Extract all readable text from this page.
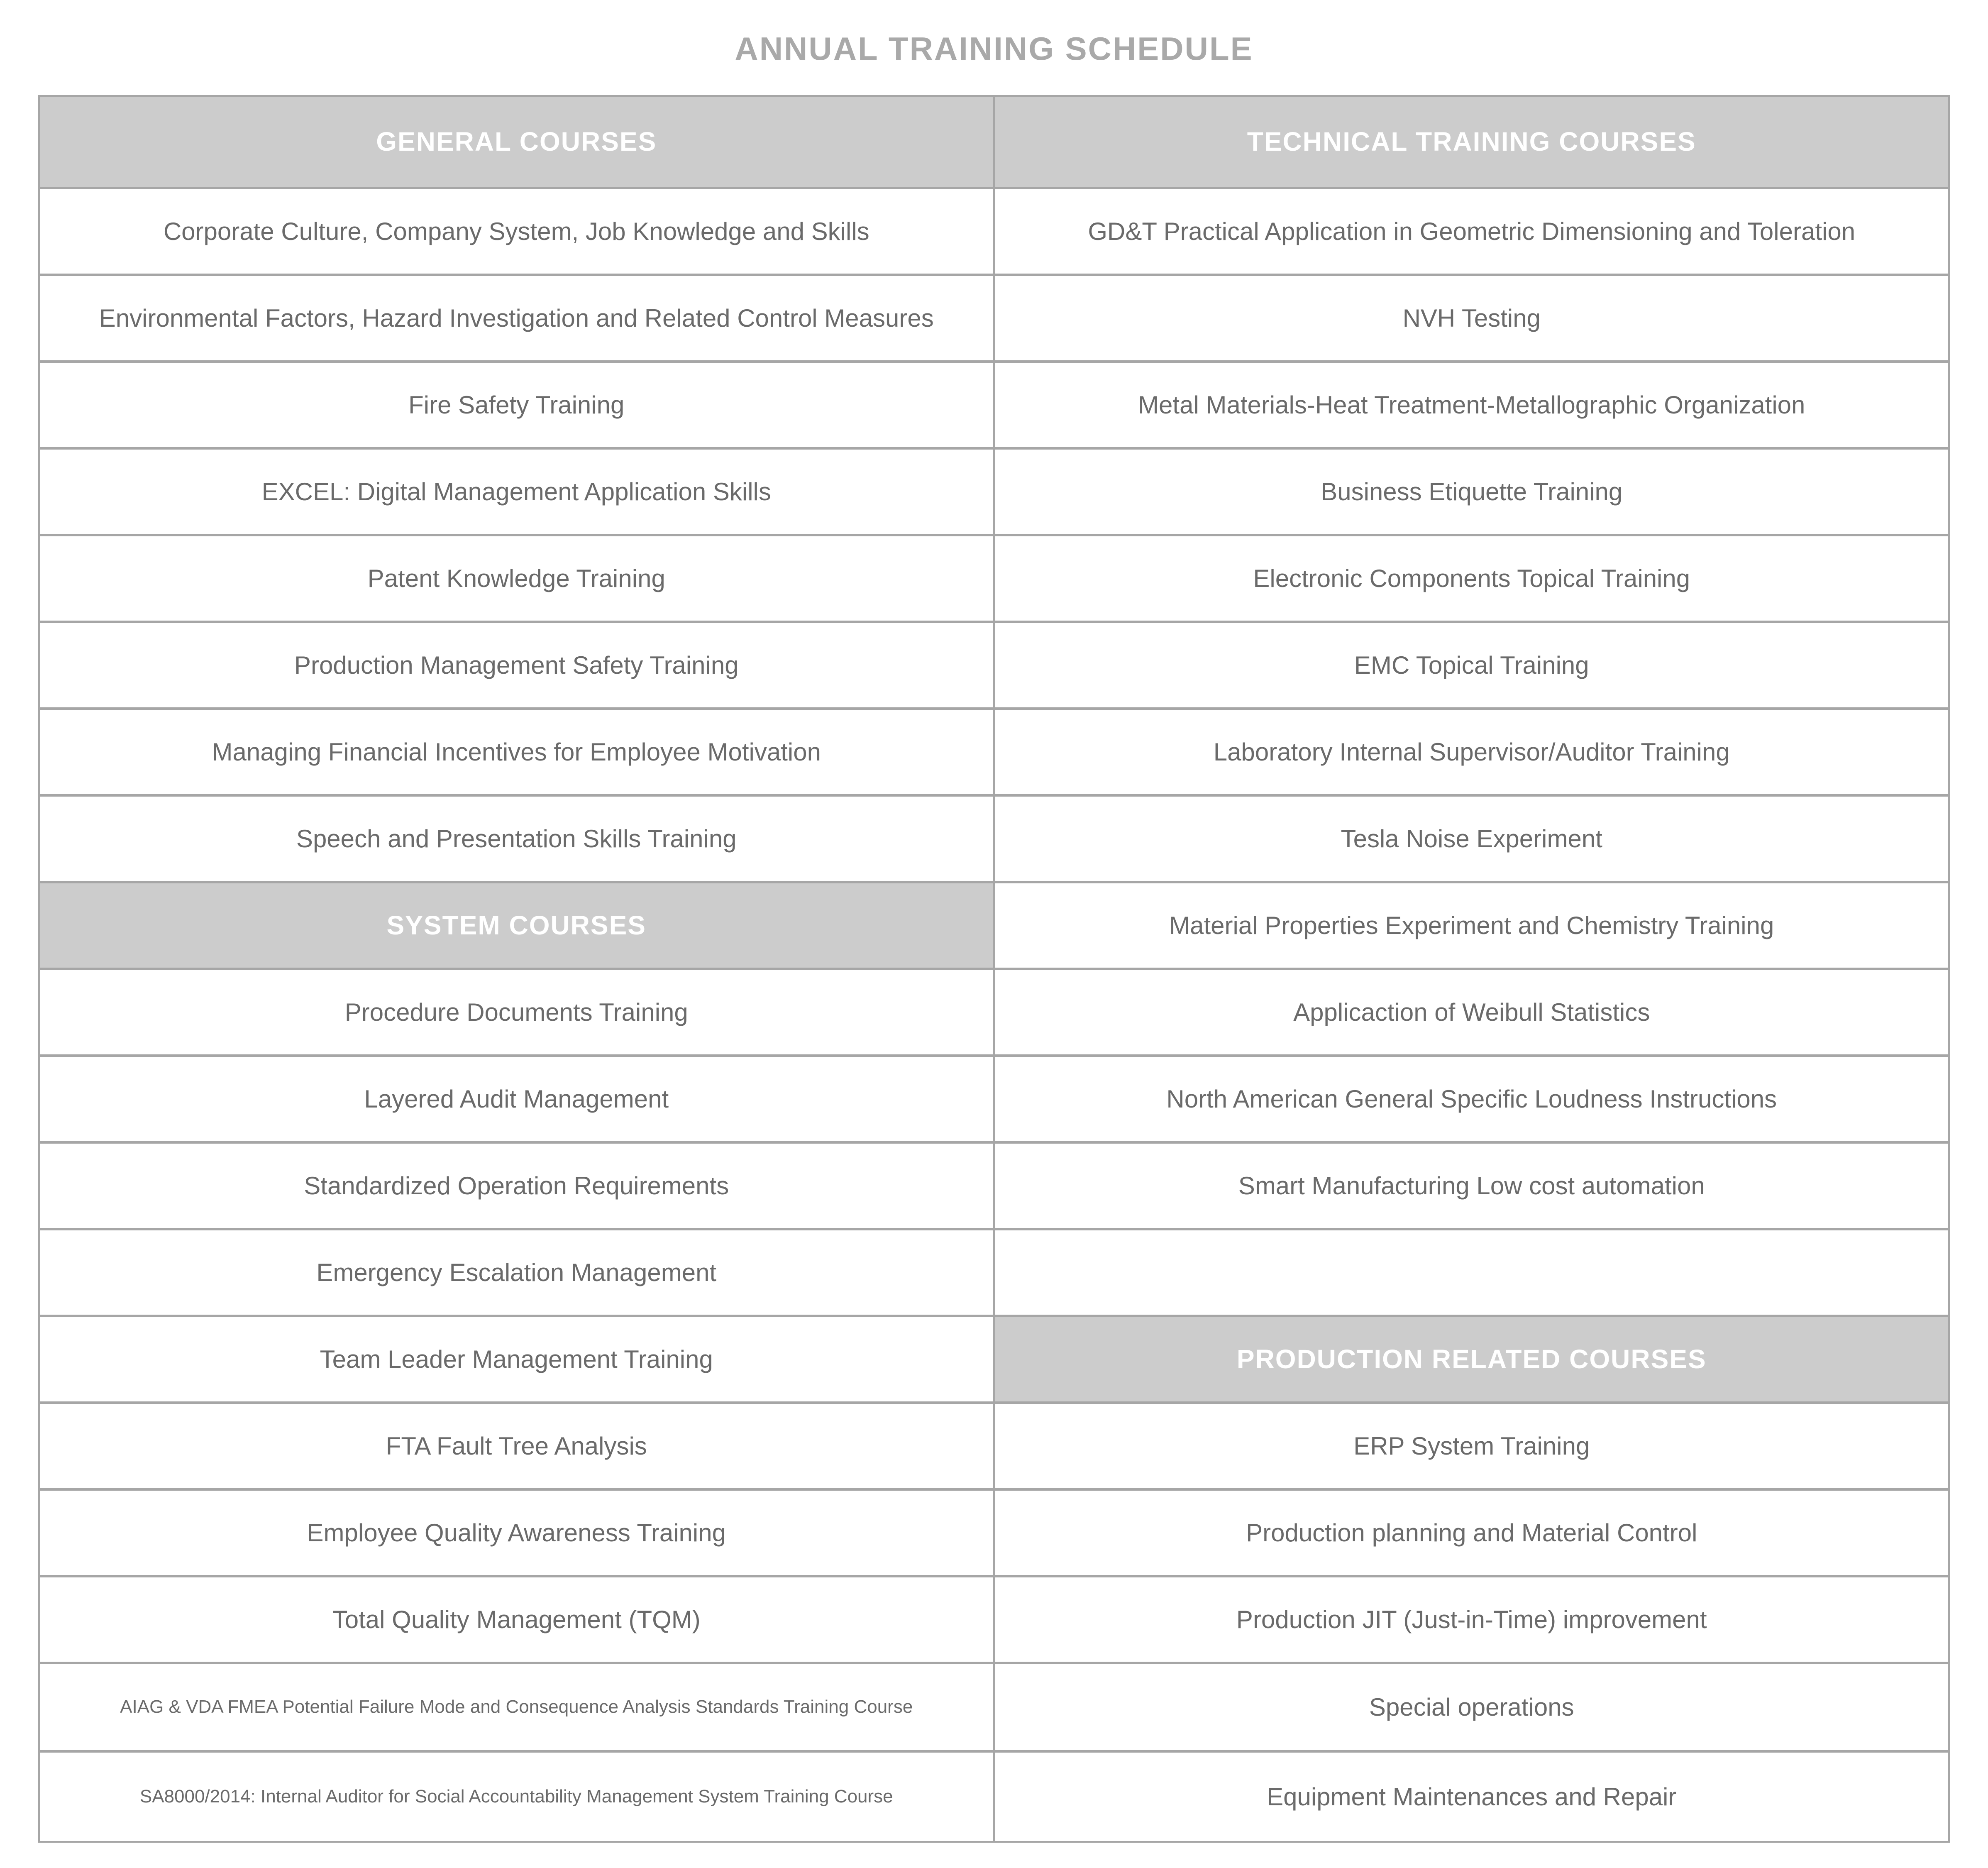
ANNUAL TRAINING SCHEDULE
GENERAL COURSES
Corporate Culture, Company System, Job Knowledge and Skills
Environmental Factors, Hazard Investigation and Related Control Measures
Fire Safety Training
EXCEL: Digital Management Application Skills
Patent Knowledge Training
Production Management Safety Training
Managing Financial Incentives for Employee Motivation
Speech and Presentation Skills Training
SYSTEM COURSES
Procedure Documents Training
Layered Audit Management
Standardized Operation Requirements
Emergency Escalation Management
Team Leader Management Training
FTA Fault Tree Analysis
Employee Quality Awareness Training
Total Quality Management (TQM)
AIAG & VDA FMEA Potential Failure Mode and Consequence Analysis Standards Training Course
SA8000/2014: Internal Auditor for Social Accountability Management System Training Course
TECHNICAL TRAINING COURSES
GD&T Practical Application in Geometric Dimensioning and Toleration
NVH Testing
Metal Materials-Heat Treatment-Metallographic Organization
Business Etiquette Training
Electronic Components Topical Training
EMC Topical Training
Laboratory Internal Supervisor/Auditor Training
Tesla Noise Experiment
Material Properties Experiment and Chemistry Training
Applicaction of Weibull Statistics
North American General Specific Loudness Instructions
Smart Manufacturing Low cost automation
PRODUCTION RELATED COURSES
ERP System Training
Production planning and Material Control
Production JIT (Just-in-Time) improvement
Special operations
Equipment Maintenances and Repair
